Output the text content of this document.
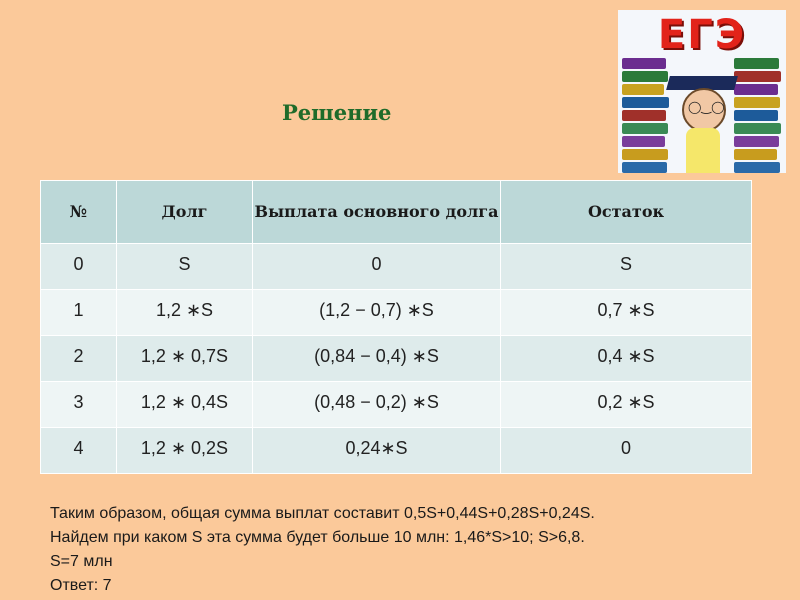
◯‿◯
ЕГЭ
Решение
№	Долг	Выплата основного долга	Остаток
0	S	0	S
1	1,2 ∗S	(1,2 − 0,7) ∗S	0,7 ∗S
2	1,2 ∗ 0,7S	(0,84 − 0,4) ∗S	0,4 ∗S
3	1,2 ∗ 0,4S	(0,48 − 0,2) ∗S	0,2 ∗S
4	1,2 ∗ 0,2S	0,24∗S	0
Таким образом, общая сумма выплат составит 0,5S+0,44S+0,28S+0,24S.
Найдем при каком S эта сумма будет больше 10 млн: 1,46*S>10; S>6,8.
S=7 млн
Ответ: 7
